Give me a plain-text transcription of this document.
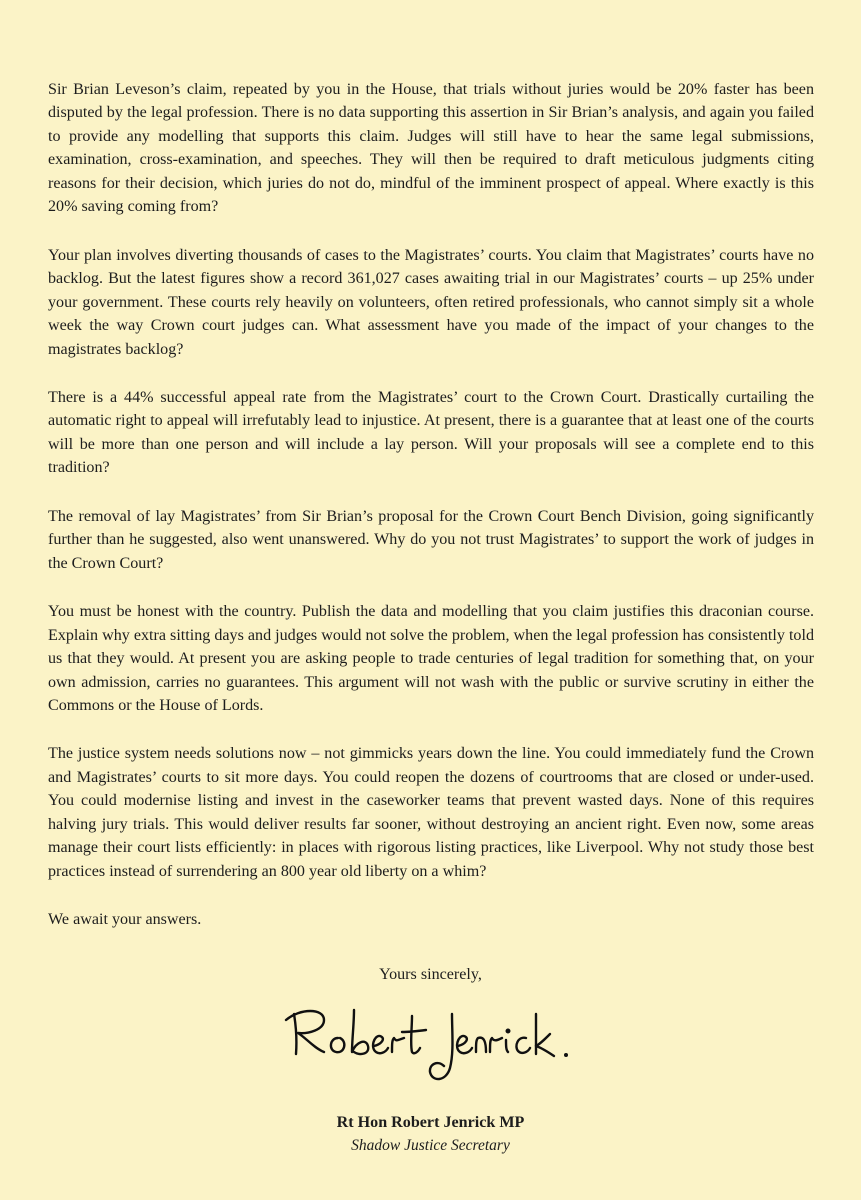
Sir Brian Leveson’s claim, repeated by you in the House, that trials without juries would be 20% faster has been disputed by the legal profession. There is no data supporting this assertion in Sir Brian’s analysis, and again you failed to provide any modelling that supports this claim. Judges will still have to hear the same legal submissions, examination, cross-examination, and speeches. They will then be required to draft meticulous judgments citing reasons for their decision, which juries do not do, mindful of the imminent prospect of appeal. Where exactly is this 20% saving coming from?

Your plan involves diverting thousands of cases to the Magistrates’ courts. You claim that Magistrates’ courts have no backlog. But the latest figures show a record 361,027 cases awaiting trial in our Magistrates’ courts – up 25% under your government. These courts rely heavily on volunteers, often retired professionals, who cannot simply sit a whole week the way Crown court judges can. What assessment have you made of the impact of your changes to the magistrates backlog?

There is a 44% successful appeal rate from the Magistrates’ court to the Crown Court. Drastically curtailing the automatic right to appeal will irrefutably lead to injustice. At present, there is a guarantee that at least one of the courts will be more than one person and will include a lay person. Will your proposals will see a complete end to this tradition?

The removal of lay Magistrates’ from Sir Brian’s proposal for the Crown Court Bench Division, going significantly further than he suggested, also went unanswered. Why do you not trust Magistrates’ to support the work of judges in the Crown Court?

You must be honest with the country. Publish the data and modelling that you claim justifies this draconian course. Explain why extra sitting days and judges would not solve the problem, when the legal profession has consistently told us that they would. At present you are asking people to trade centuries of legal tradition for something that, on your own admission, carries no guarantees. This argument will not wash with the public or survive scrutiny in either the Commons or the House of Lords.

The justice system needs solutions now – not gimmicks years down the line. You could immediately fund the Crown and Magistrates’ courts to sit more days. You could reopen the dozens of courtrooms that are closed or under-used. You could modernise listing and invest in the caseworker teams that prevent wasted days. None of this requires halving jury trials. This would deliver results far sooner, without destroying an ancient right. Even now, some areas manage their court lists efficiently: in places with rigorous listing practices, like Liverpool. Why not study those best practices instead of surrendering an 800 year old liberty on a whim?

We await your answers.

Yours sincerely,
Rt Hon Robert Jenrick MP
Shadow Justice Secretary
